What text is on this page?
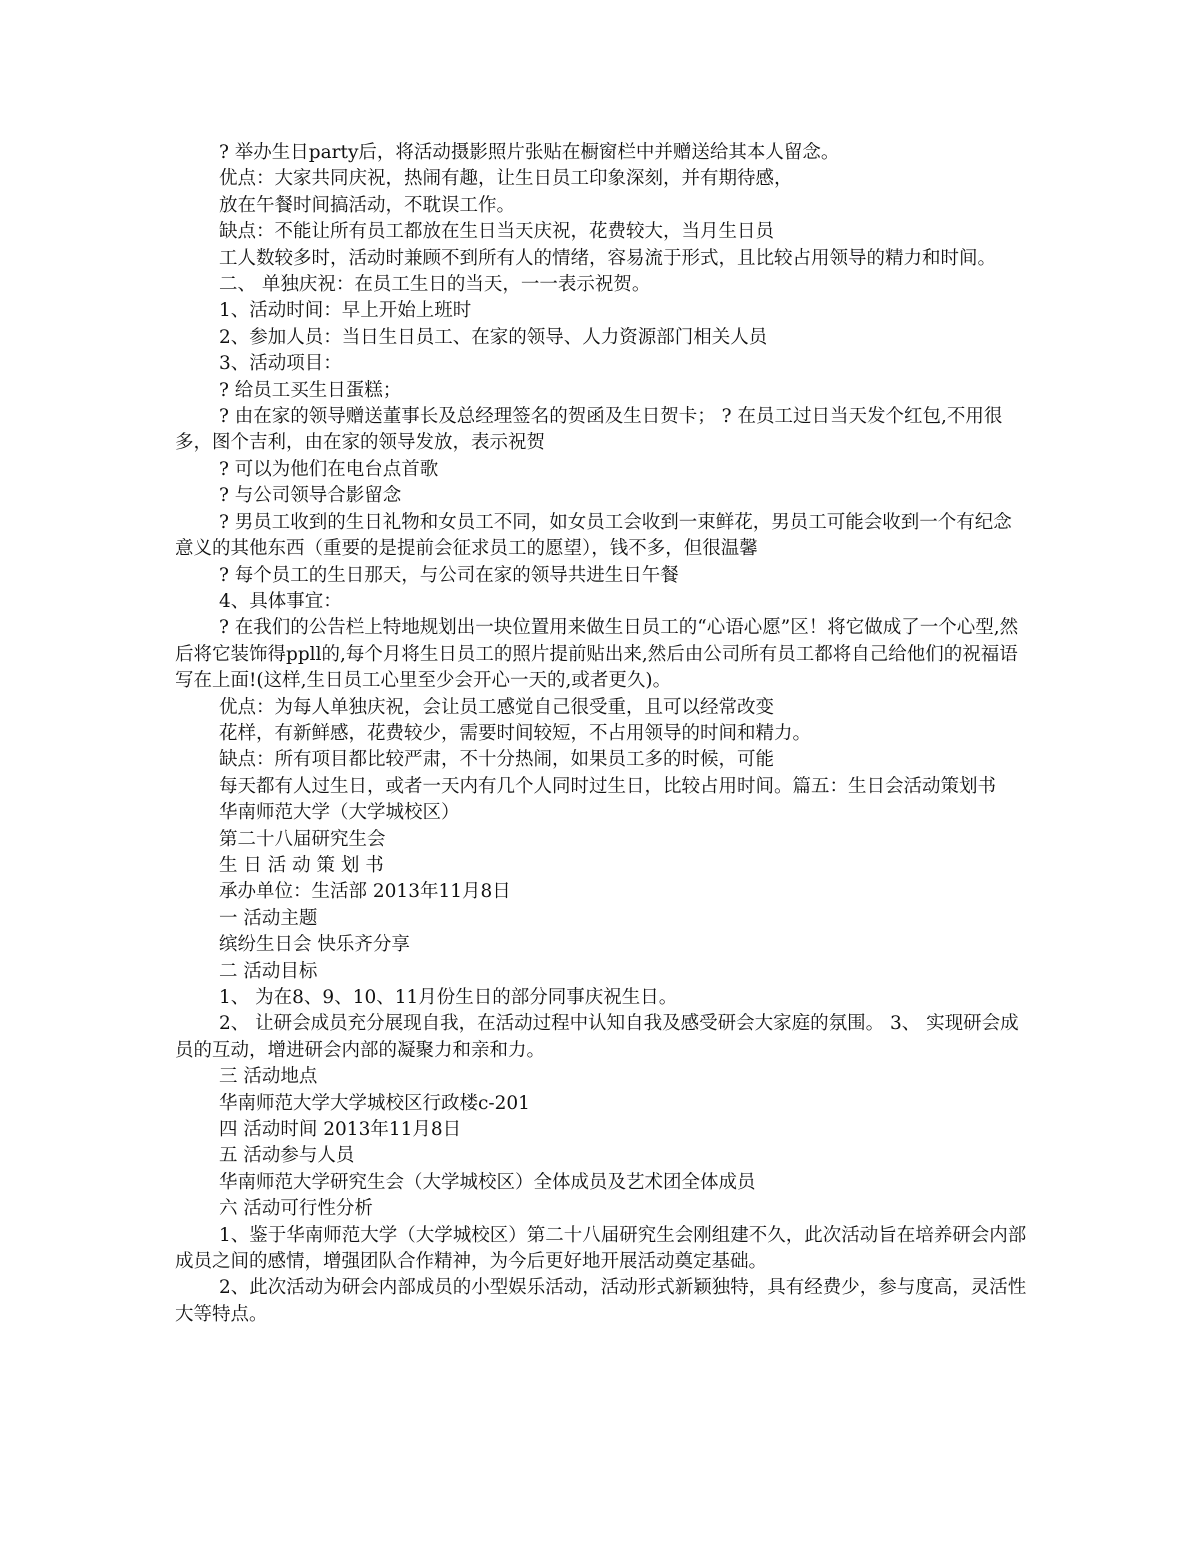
? 举办生日party后，将活动摄影照片张贴在橱窗栏中并赠送给其本人留念。

优点：大家共同庆祝，热闹有趣，让生日员工印象深刻，并有期待感，

放在午餐时间搞活动，不耽误工作。

缺点：不能让所有员工都放在生日当天庆祝，花费较大，当月生日员

工人数较多时，活动时兼顾不到所有人的情绪，容易流于形式，且比较占用领导的精力和时间。

二、 单独庆祝：在员工生日的当天，一一表示祝贺。

1、活动时间：早上开始上班时

2、参加人员：当日生日员工、在家的领导、人力资源部门相关人员

3、活动项目：

? 给员工买生日蛋糕；

? 由在家的领导赠送董事长及总经理签名的贺函及生日贺卡； ? 在员工过日当天发个红包,不用很多，图个吉利，由在家的领导发放，表示祝贺

? 可以为他们在电台点首歌

? 与公司领导合影留念

? 男员工收到的生日礼物和女员工不同，如女员工会收到一束鲜花，男员工可能会收到一个有纪念意义的其他东西（重要的是提前会征求员工的愿望），钱不多，但很温馨

? 每个员工的生日那天，与公司在家的领导共进生日午餐

4、具体事宜：

? 在我们的公告栏上特地规划出一块位置用来做生日员工的“心语心愿”区！将它做成了一个心型,然后将它装饰得ppll的,每个月将生日员工的照片提前贴出来,然后由公司所有员工都将自己给他们的祝福语写在上面!(这样,生日员工心里至少会开心一天的,或者更久)。

优点：为每人单独庆祝，会让员工感觉自己很受重，且可以经常改变

花样，有新鲜感，花费较少，需要时间较短，不占用领导的时间和精力。

缺点：所有项目都比较严肃，不十分热闹，如果员工多的时候，可能

每天都有人过生日，或者一天内有几个人同时过生日，比较占用时间。篇五：生日会活动策划书

华南师范大学（大学城校区）

第二十八届研究生会

生 日 活 动 策 划 书

承办单位：生活部 2013年11月8日

一 活动主题

缤纷生日会 快乐齐分享

二 活动目标

1、 为在8、9、10、11月份生日的部分同事庆祝生日。

2、 让研会成员充分展现自我，在活动过程中认知自我及感受研会大家庭的氛围。 3、 实现研会成员的互动，增进研会内部的凝聚力和亲和力。

三 活动地点

华南师范大学大学城校区行政楼c-201

四 活动时间 2013年11月8日

五 活动参与人员

华南师范大学研究生会（大学城校区）全体成员及艺术团全体成员

六 活动可行性分析

1、鉴于华南师范大学（大学城校区）第二十八届研究生会刚组建不久，此次活动旨在培养研会内部成员之间的感情，增强团队合作精神，为今后更好地开展活动奠定基础。

2、此次活动为研会内部成员的小型娱乐活动，活动形式新颖独特，具有经费少，参与度高，灵活性大等特点。
